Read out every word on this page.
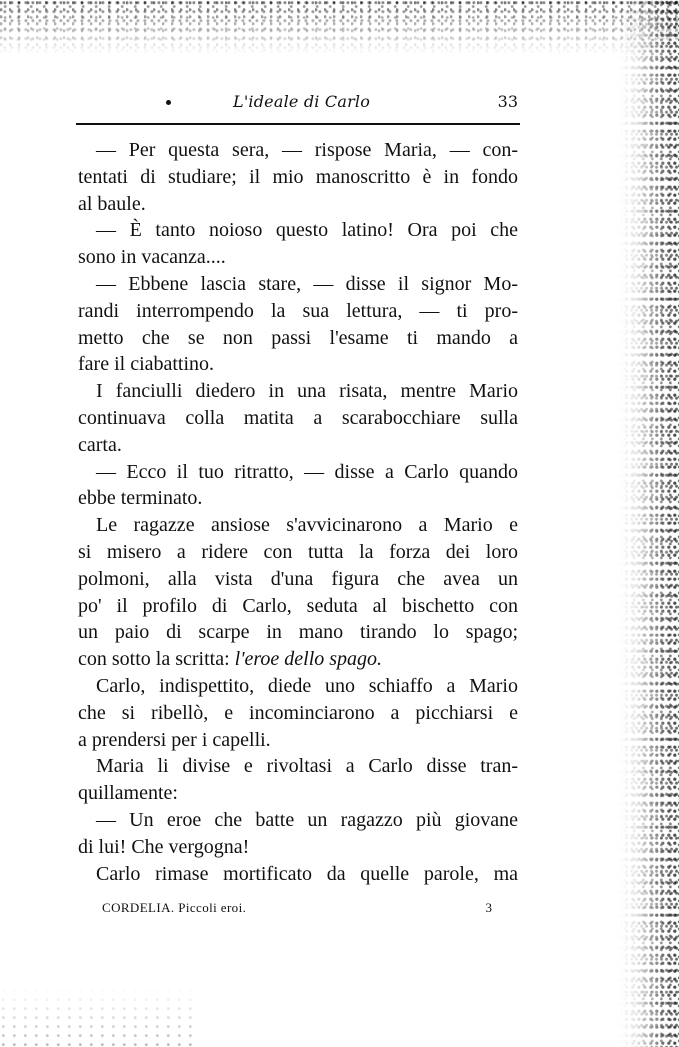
L'ideale di Carlo	33
— Per questa sera, — rispose Maria, — con-
tentati di studiare; il mio manoscritto è in fondo
al baule.
— È tanto noioso questo latino! Ora poi che
sono in vacanza....
— Ebbene lascia stare, — disse il signor Mo-
randi interrompendo la sua lettura, — ti pro-
metto che se non passi l'esame ti mando a
fare il ciabattino.
I fanciulli diedero in una risata, mentre Mario
continuava colla matita a scarabocchiare sulla
carta.
— Ecco il tuo ritratto, — disse a Carlo quando
ebbe terminato.
Le ragazze ansiose s'avvicinarono a Mario e
si misero a ridere con tutta la forza dei loro
polmoni, alla vista d'una figura che avea un
po' il profilo di Carlo, seduta al bischetto con
un paio di scarpe in mano tirando lo spago;
con sotto la scritta: l'eroe dello spago.
Carlo, indispettito, diede uno schiaffo a Mario
che si ribellò, e incominciarono a picchiarsi e
a prendersi per i capelli.
Maria li divise e rivoltasi a Carlo disse tran-
quillamente:
— Un eroe che batte un ragazzo più giovane
di lui! Che vergogna!
Carlo rimase mortificato da quelle parole, ma
CORDELIA. Piccoli eroi.	3
